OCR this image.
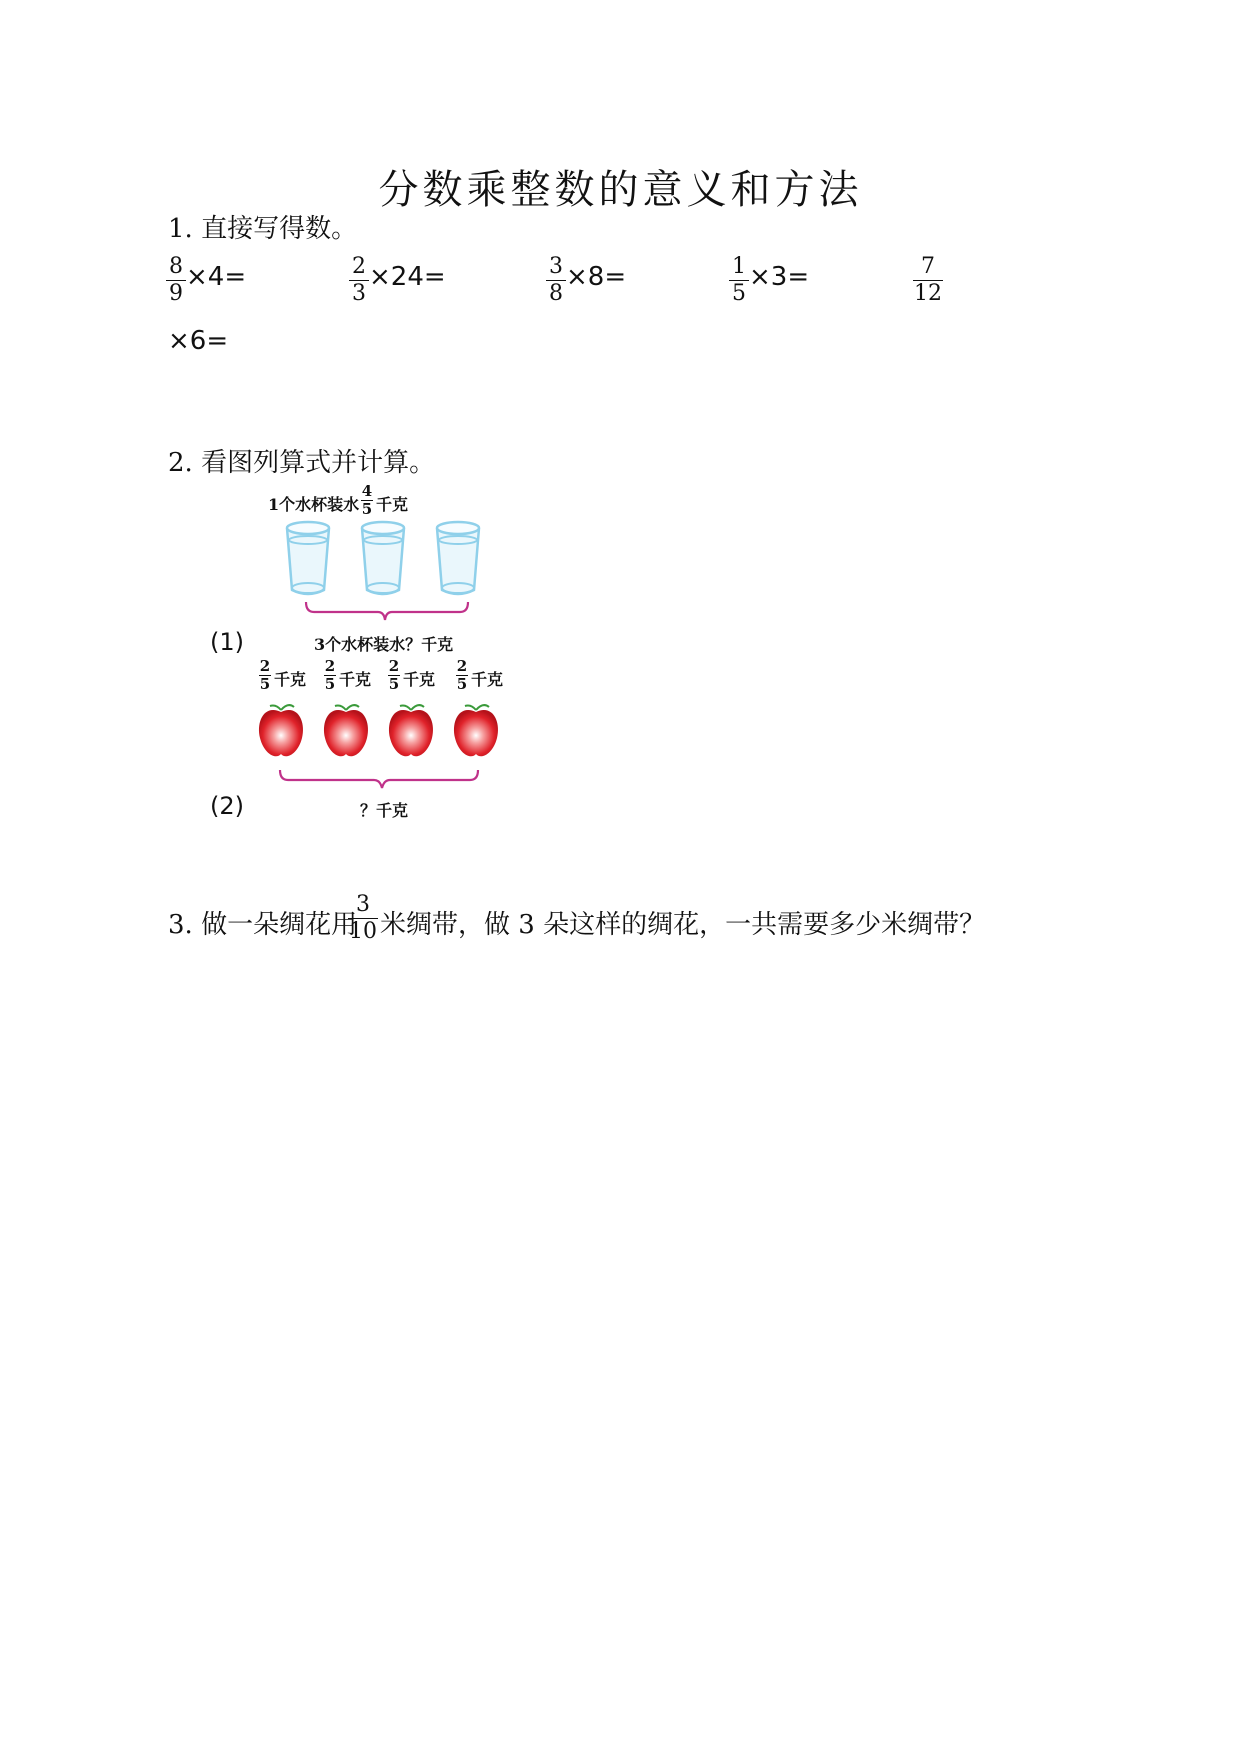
分数乘整数的意义和方法
1. 直接写得数。
8
9
×4=	2
3
×24=	3
8
×8=	1
5
×3=	7
12
×6=
2. 看图列算式并计算。
1个水杯装水
4
5 千克
(1)	3个水杯装水？千克
2
5 千克
2
5 千克
2
5 千克
2
5 千克
(2)	？千克
3. 做一朵绸花用
3
10 米绸带，做 3 朵这样的绸花，一共需要多少米绸带？
